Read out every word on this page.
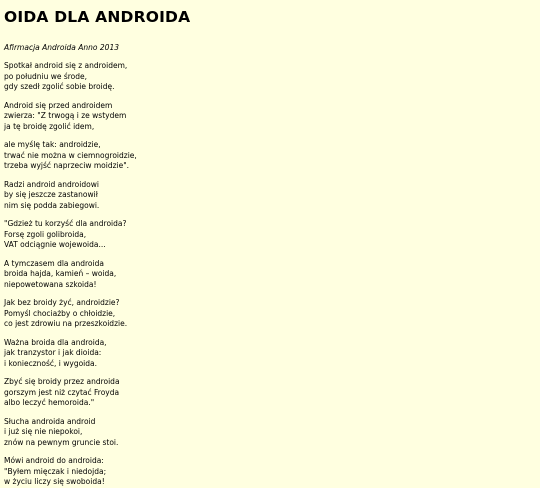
OIDA DLA ANDROIDA

Afirmacja Androida Anno 2013

Spotkał android się z androidem,
po południu we środe,
gdy szedł zgolić sobie broidę.

Android się przed androidem
zwierza: "Z trwogą i ze wstydem
ja tę broidę zgolić idem,

ale myślę tak: androidzie,
trwać nie można w ciemnogroidzie,
trzeba wyjść naprzeciw moidzie".

Radzi android androidowi
by się jeszcze zastanowił
nim się podda zabiegowi.

"Gdzież tu korzyść dla androida?
Forsę zgoli golibroida,
VAT odciągnie wojewoida...

A tymczasem dla androida
broida hajda, kamień – woida,
niepowetowana szkoida!

Jak bez broidy żyć, androidzie?
Pomyśl chociażby o chłoidzie,
co jest zdrowiu na przeszkoidzie.

Ważna broida dla androida,
jak tranzystor i jak dioida:
i konieczność, i wygoida.

Zbyć się broidy przez androida
gorszym jest niż czytać Froyda
albo leczyć hemoroida."

Słucha androida android
i już się nie niepokoi,
znów na pewnym gruncie stoi.

Mówi android do androida:
"Byłem mięczak i niedojda;
w życiu liczy się swoboida!
